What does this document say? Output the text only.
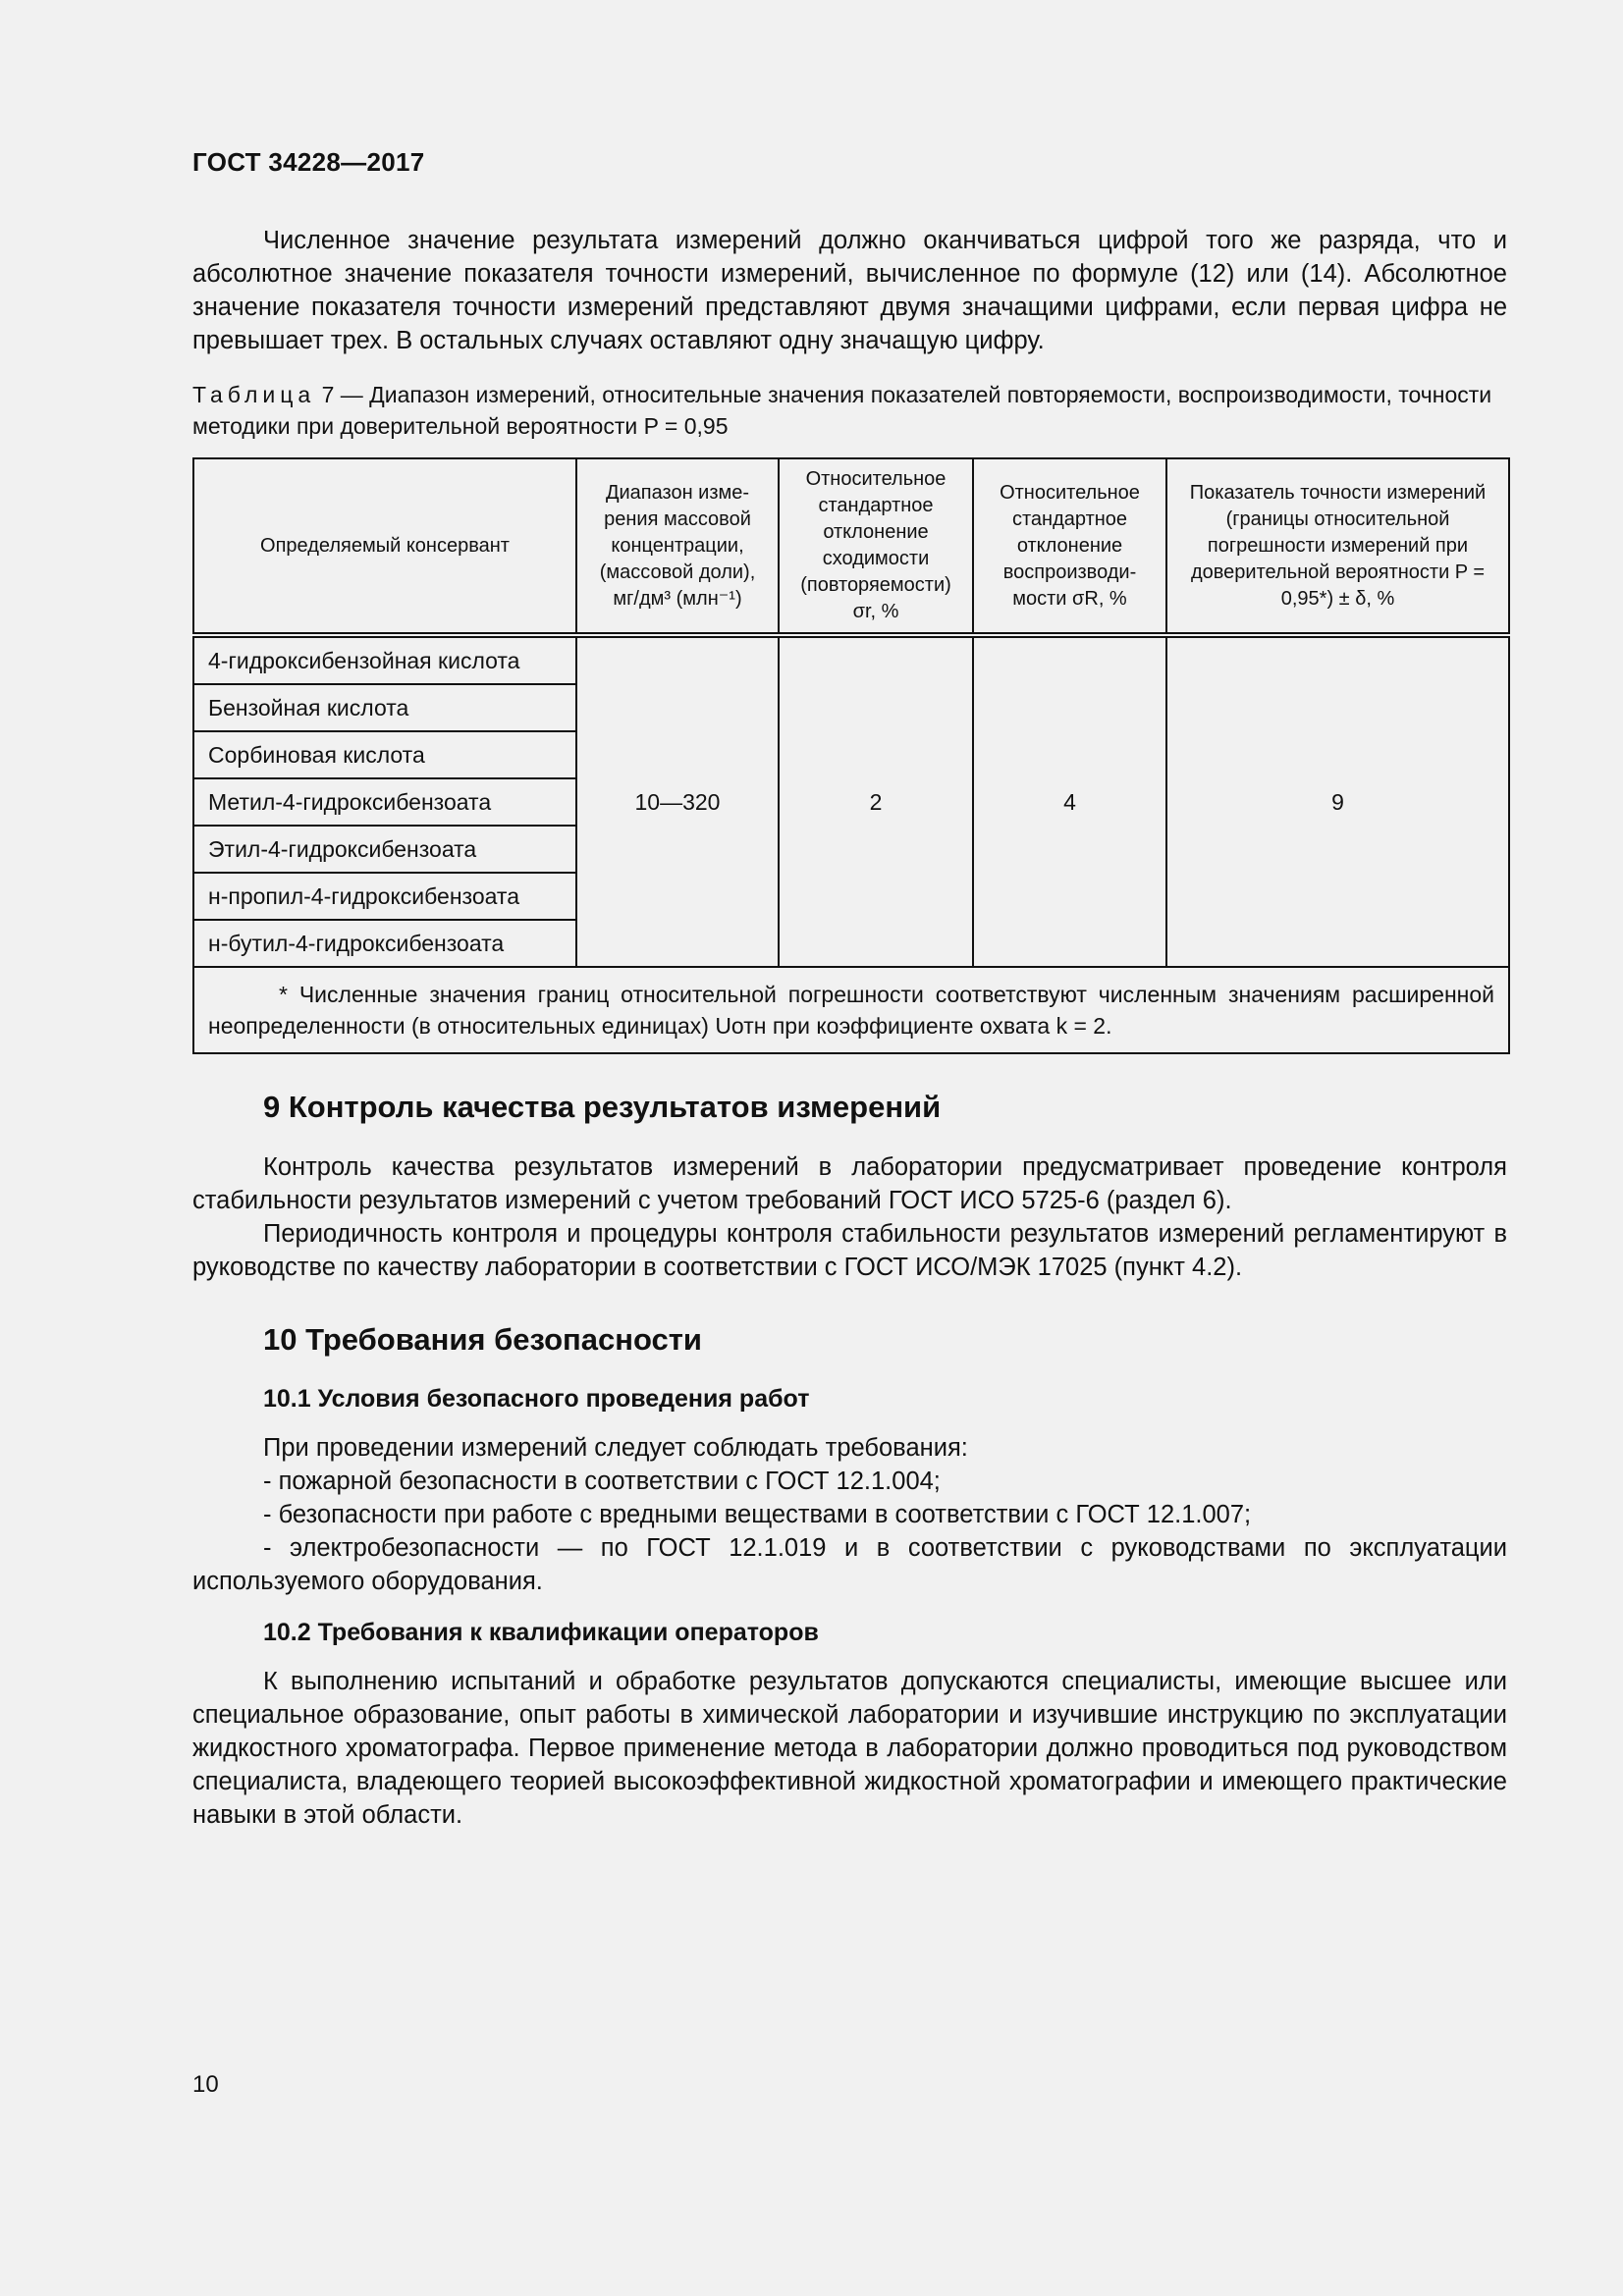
ГОСТ 34228—2017
Численное значение результата измерений должно оканчиваться цифрой того же разряда, что и абсолютное значение показателя точности измерений, вычисленное по формуле (12) или (14). Абсолютное значение показателя точности измерений представляют двумя значащими цифрами, если первая цифра не превышает трех. В остальных случаях оставляют одну значащую цифру.
Таблица 7 — Диапазон измерений, относительные значения показателей повторяемости, воспроизводимости, точности методики при доверительной вероятности P = 0,95
Определяемый консервант	Диапазон изме-рения массовой концентрации, (массовой доли), мг/дм³ (млн⁻¹)	Относительное стандартное отклонение сходимости (повторяемости) σr, %	Относительное стандартное отклонение воспроизводи-мости σR, %	Показатель точности измерений (границы относительной погрешности измерений при доверительной вероятности P = 0,95*) ± δ, %
4-гидроксибензойная кислота	10—320	2	4	9
Бензойная кислота				
Сорбиновая кислота				
Метил-4-гидроксибензоата				
Этил-4-гидроксибензоата				
н-пропил-4-гидроксибензоата				
н-бутил-4-гидроксибензоата				
* Численные значения границ относительной погрешности соответствуют численным значениям расширенной неопределенности (в относительных единицах) Uотн при коэффициенте охвата k = 2.				
9 Контроль качества результатов измерений
Контроль качества результатов измерений в лаборатории предусматривает проведение контроля стабильности результатов измерений с учетом требований ГОСТ ИСО 5725-6 (раздел 6).
Периодичность контроля и процедуры контроля стабильности результатов измерений регламентируют в руководстве по качеству лаборатории в соответствии с ГОСТ ИСО/МЭК 17025 (пункт 4.2).
10 Требования безопасности
10.1 Условия безопасного проведения работ
При проведении измерений следует соблюдать требования:
- пожарной безопасности в соответствии с ГОСТ 12.1.004;
- безопасности при работе с вредными веществами в соответствии с ГОСТ 12.1.007;
- электробезопасности — по ГОСТ 12.1.019 и в соответствии с руководствами по эксплуатации используемого оборудования.
10.2 Требования к квалификации операторов
К выполнению испытаний и обработке результатов допускаются специалисты, имеющие высшее или специальное образование, опыт работы в химической лаборатории и изучившие инструкцию по эксплуатации жидкостного хроматографа. Первое применение метода в лаборатории должно проводиться под руководством специалиста, владеющего теорией высокоэффективной жидкостной хроматографии и имеющего практические навыки в этой области.
10
